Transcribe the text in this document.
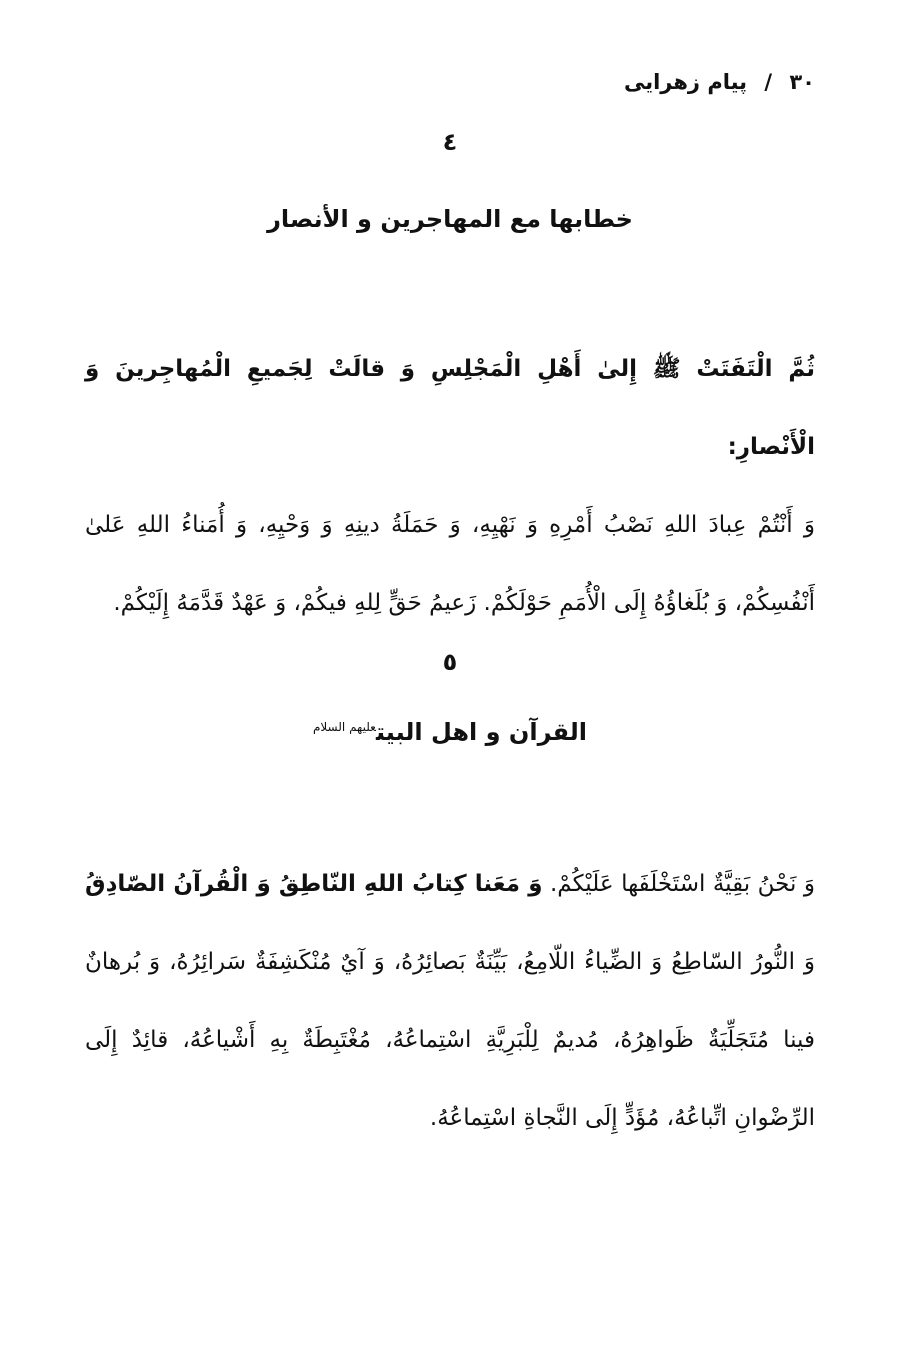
۳۰ / پیام زهرایی
٤
خطابها مع المهاجرين و الأنصار

ثُمَّ الْتَفَتَتْ ﷺ إِلىٰ أَهْلِ الْمَجْلِسِ وَ قالَتْ لِجَميعِ الْمُهاجِرينَ وَ الْأَنْصارِ:
وَ أَنْتُمْ عِبادَ اللهِ نَصْبُ أَمْرِهِ وَ نَهْيِهِ، وَ حَمَلَةُ دينِهِ وَ وَحْيِهِ، وَ أُمَناءُ اللهِ عَلىٰ أَنْفُسِكُمْ، وَ بُلَغاؤُهُ إِلَى الْأُمَمِ حَوْلَكُمْ. زَعيمُ حَقٍّ لِلهِ فيكُمْ، وَ عَهْدٌ قَدَّمَهُ إِلَيْكُمْ.

٥
القرآن و اهل البيت$^{عليهم السلام}$

وَ نَحْنُ بَقِيَّةٌ اسْتَخْلَفَها عَلَيْكُمْ. وَ مَعَنا كِتابُ اللهِ النّاطِقُ وَ الْقُرآنُ الصّادِقُ وَ النُّورُ السّاطِعُ وَ الضِّياءُ اللّامِعُ، بَيِّنَةٌ بَصائِرُهُ، وَ آيٌ مُنْكَشِفَةٌ سَرائِرُهُ، وَ بُرهانٌ فينا مُتَجَلِّيَةٌ ظَواهِرُهُ، مُديمٌ لِلْبَرِيَّةِ اسْتِماعُهُ، مُغْتَبِطَةٌ بِهِ أَشْياعُهُ، قائِدٌ إِلَى الرِّضْوانِ اتِّباعُهُ، مُؤَدٍّ إِلَى النَّجاةِ اسْتِماعُهُ.
